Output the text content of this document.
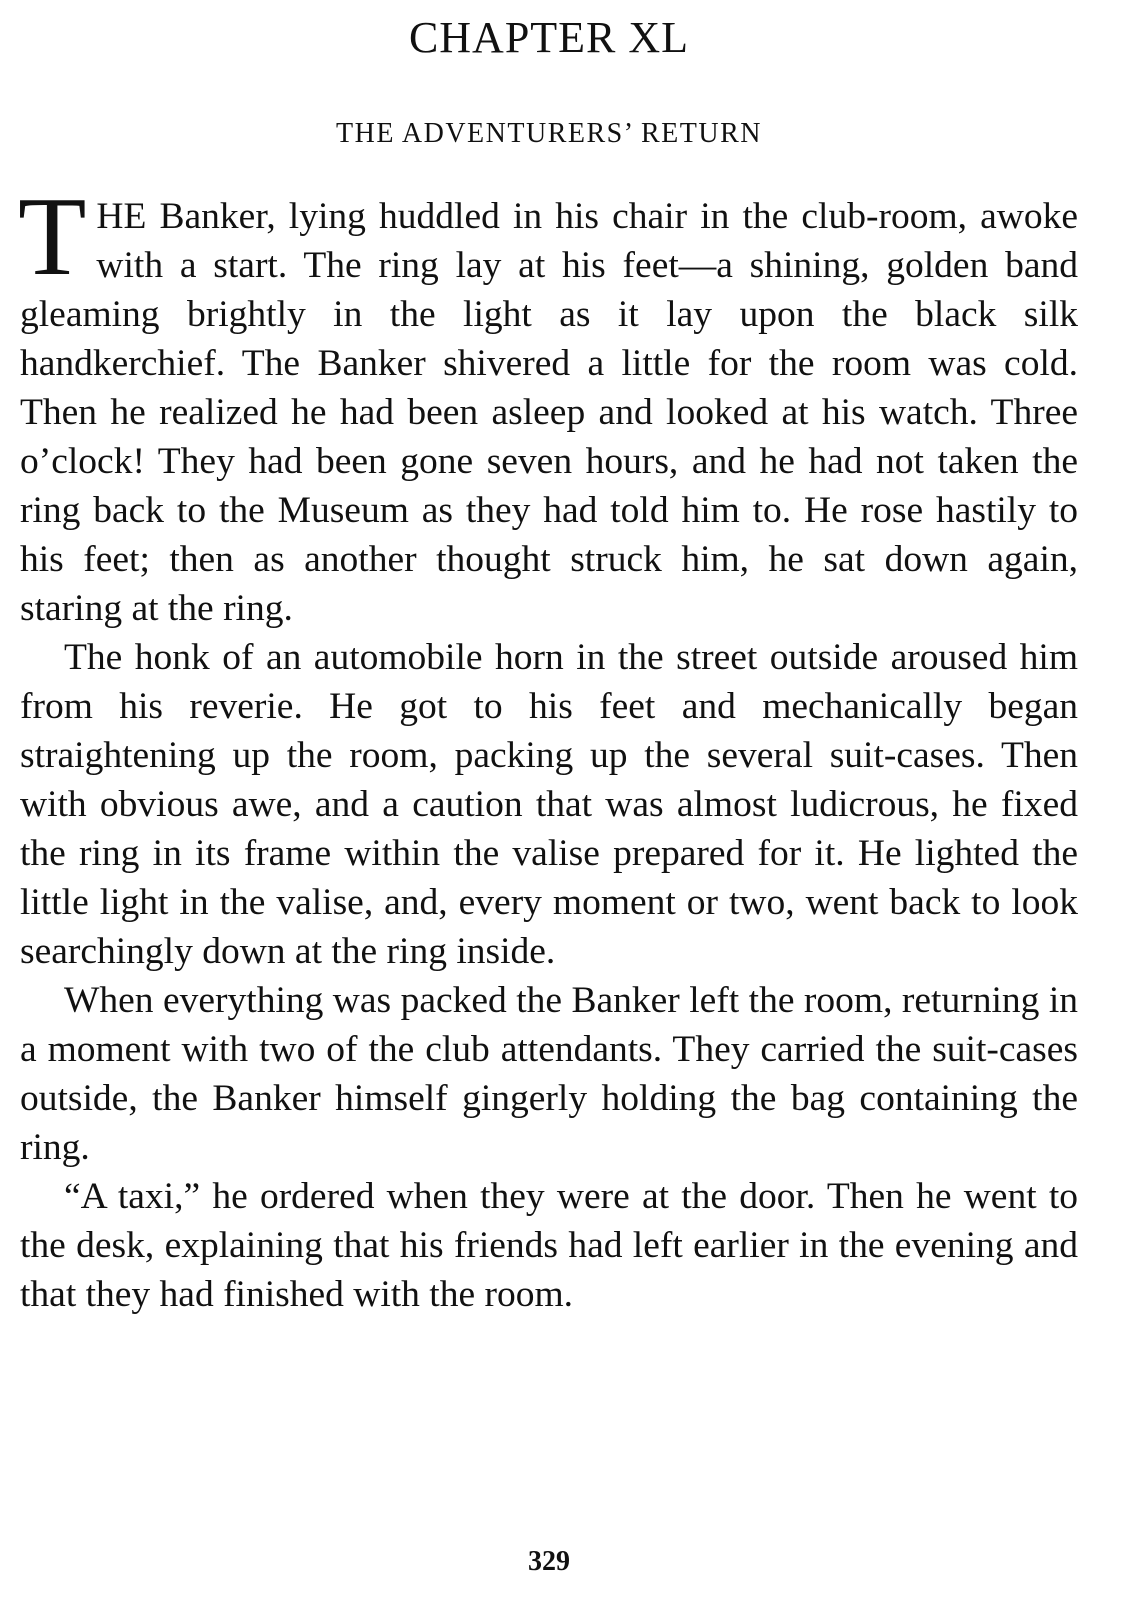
CHAPTER XL
THE ADVENTURERS’ RETURN

THE Banker, lying huddled in his chair in the club-room, awoke with a start. The ring lay at his feet—a shining, golden band gleaming brightly in the light as it lay upon the black silk handkerchief. The Banker shivered a little for the room was cold. Then he realized he had been asleep and looked at his watch. Three o’clock! They had been gone seven hours, and he had not taken the ring back to the Museum as they had told him to. He rose hastily to his feet; then as another thought struck him, he sat down again, staring at the ring.

The honk of an automobile horn in the street outside aroused him from his reverie. He got to his feet and mechanically began straightening up the room, packing up the several suit-cases. Then with obvious awe, and a caution that was almost ludicrous, he fixed the ring in its frame within the valise prepared for it. He lighted the little light in the valise, and, every moment or two, went back to look searchingly down at the ring inside.

When everything was packed the Banker left the room, returning in a moment with two of the club attendants. They carried the suit-cases outside, the Banker himself gingerly holding the bag containing the ring.

“A taxi,” he ordered when they were at the door. Then he went to the desk, explaining that his friends had left earlier in the evening and that they had finished with the room.

329
